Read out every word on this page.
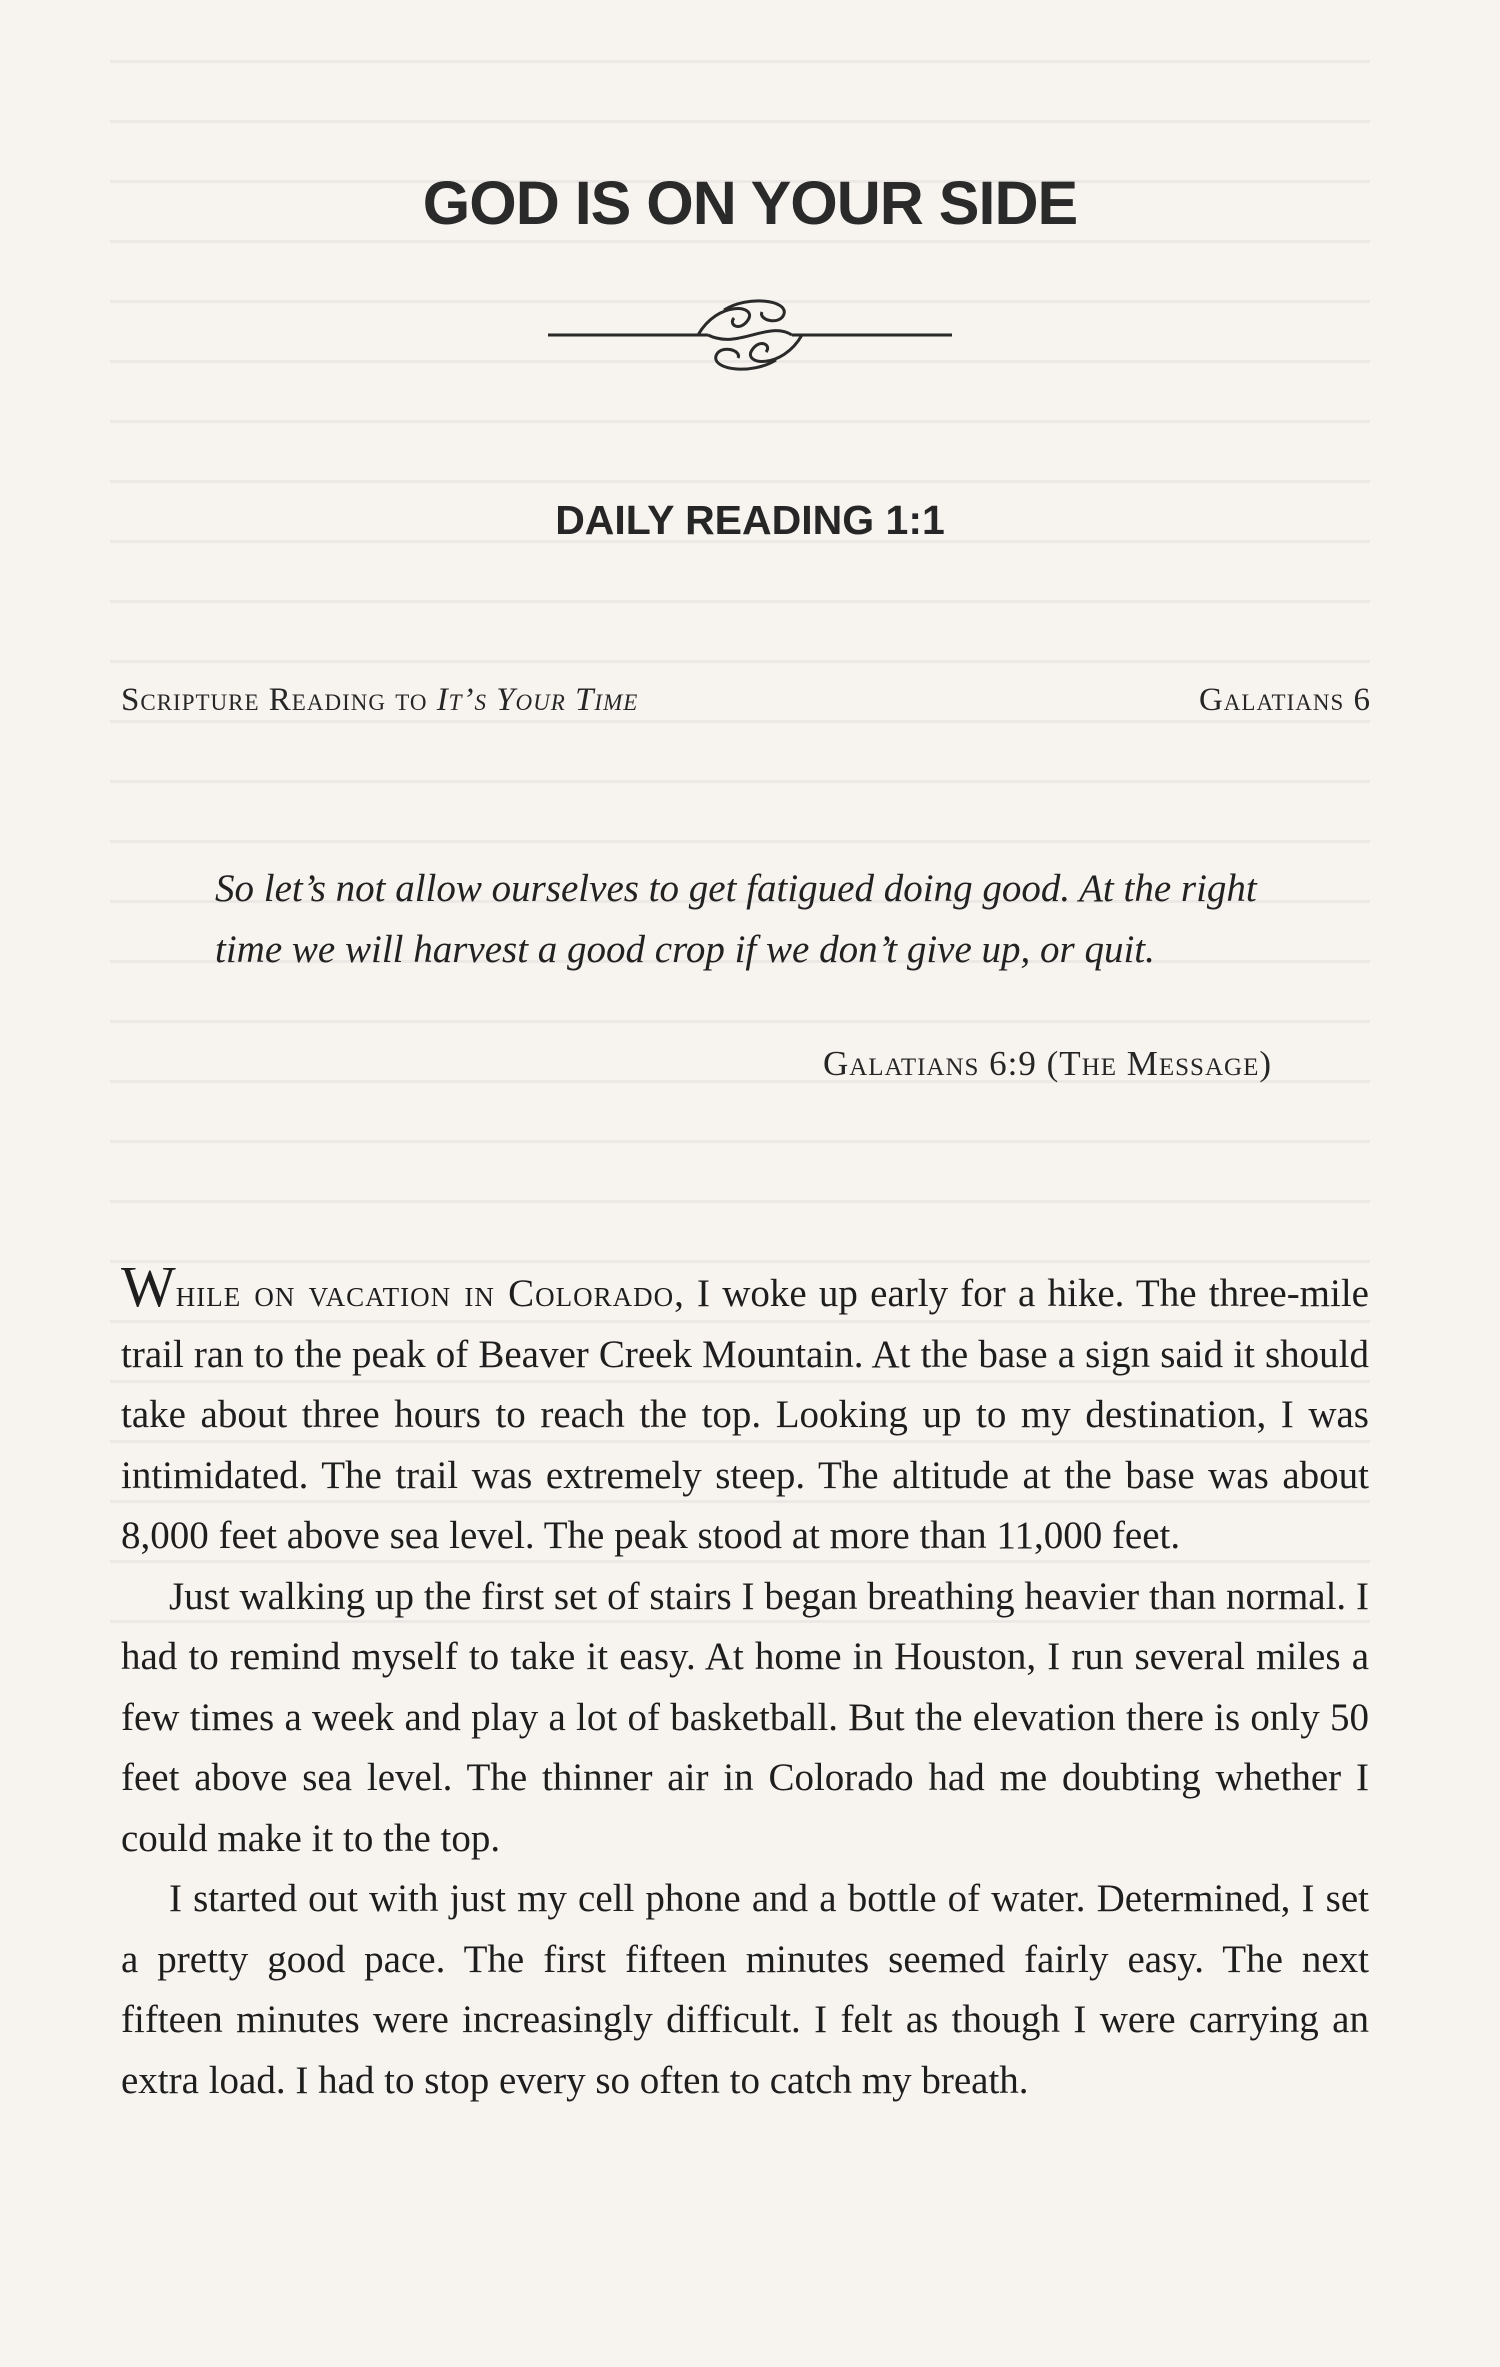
GOD IS ON YOUR SIDE
DAILY READING 1:1
Scripture Reading to It’s Your Time	Galatians 6
So let’s not allow ourselves to get fatigued doing good. At the right time we will harvest a good crop if we don’t give up, or quit.
Galatians 6:9 (The Message)

While on vacation in Colorado, I woke up early for a hike. The three-mile trail ran to the peak of Beaver Creek Mountain. At the base a sign said it should take about three hours to reach the top. Looking up to my destination, I was intimidated. The trail was extremely steep. The altitude at the base was about 8,000 feet above sea level. The peak stood at more than 11,000 feet.

Just walking up the first set of stairs I began breathing heavier than normal. I had to remind myself to take it easy. At home in Houston, I run several miles a few times a week and play a lot of basketball. But the elevation there is only 50 feet above sea level. The thinner air in Colorado had me doubting whether I could make it to the top.

I started out with just my cell phone and a bottle of water. Determined, I set a pretty good pace. The first fifteen minutes seemed fairly easy. The next fifteen minutes were increasingly difficult. I felt as though I were carrying an extra load. I had to stop every so often to catch my breath.
